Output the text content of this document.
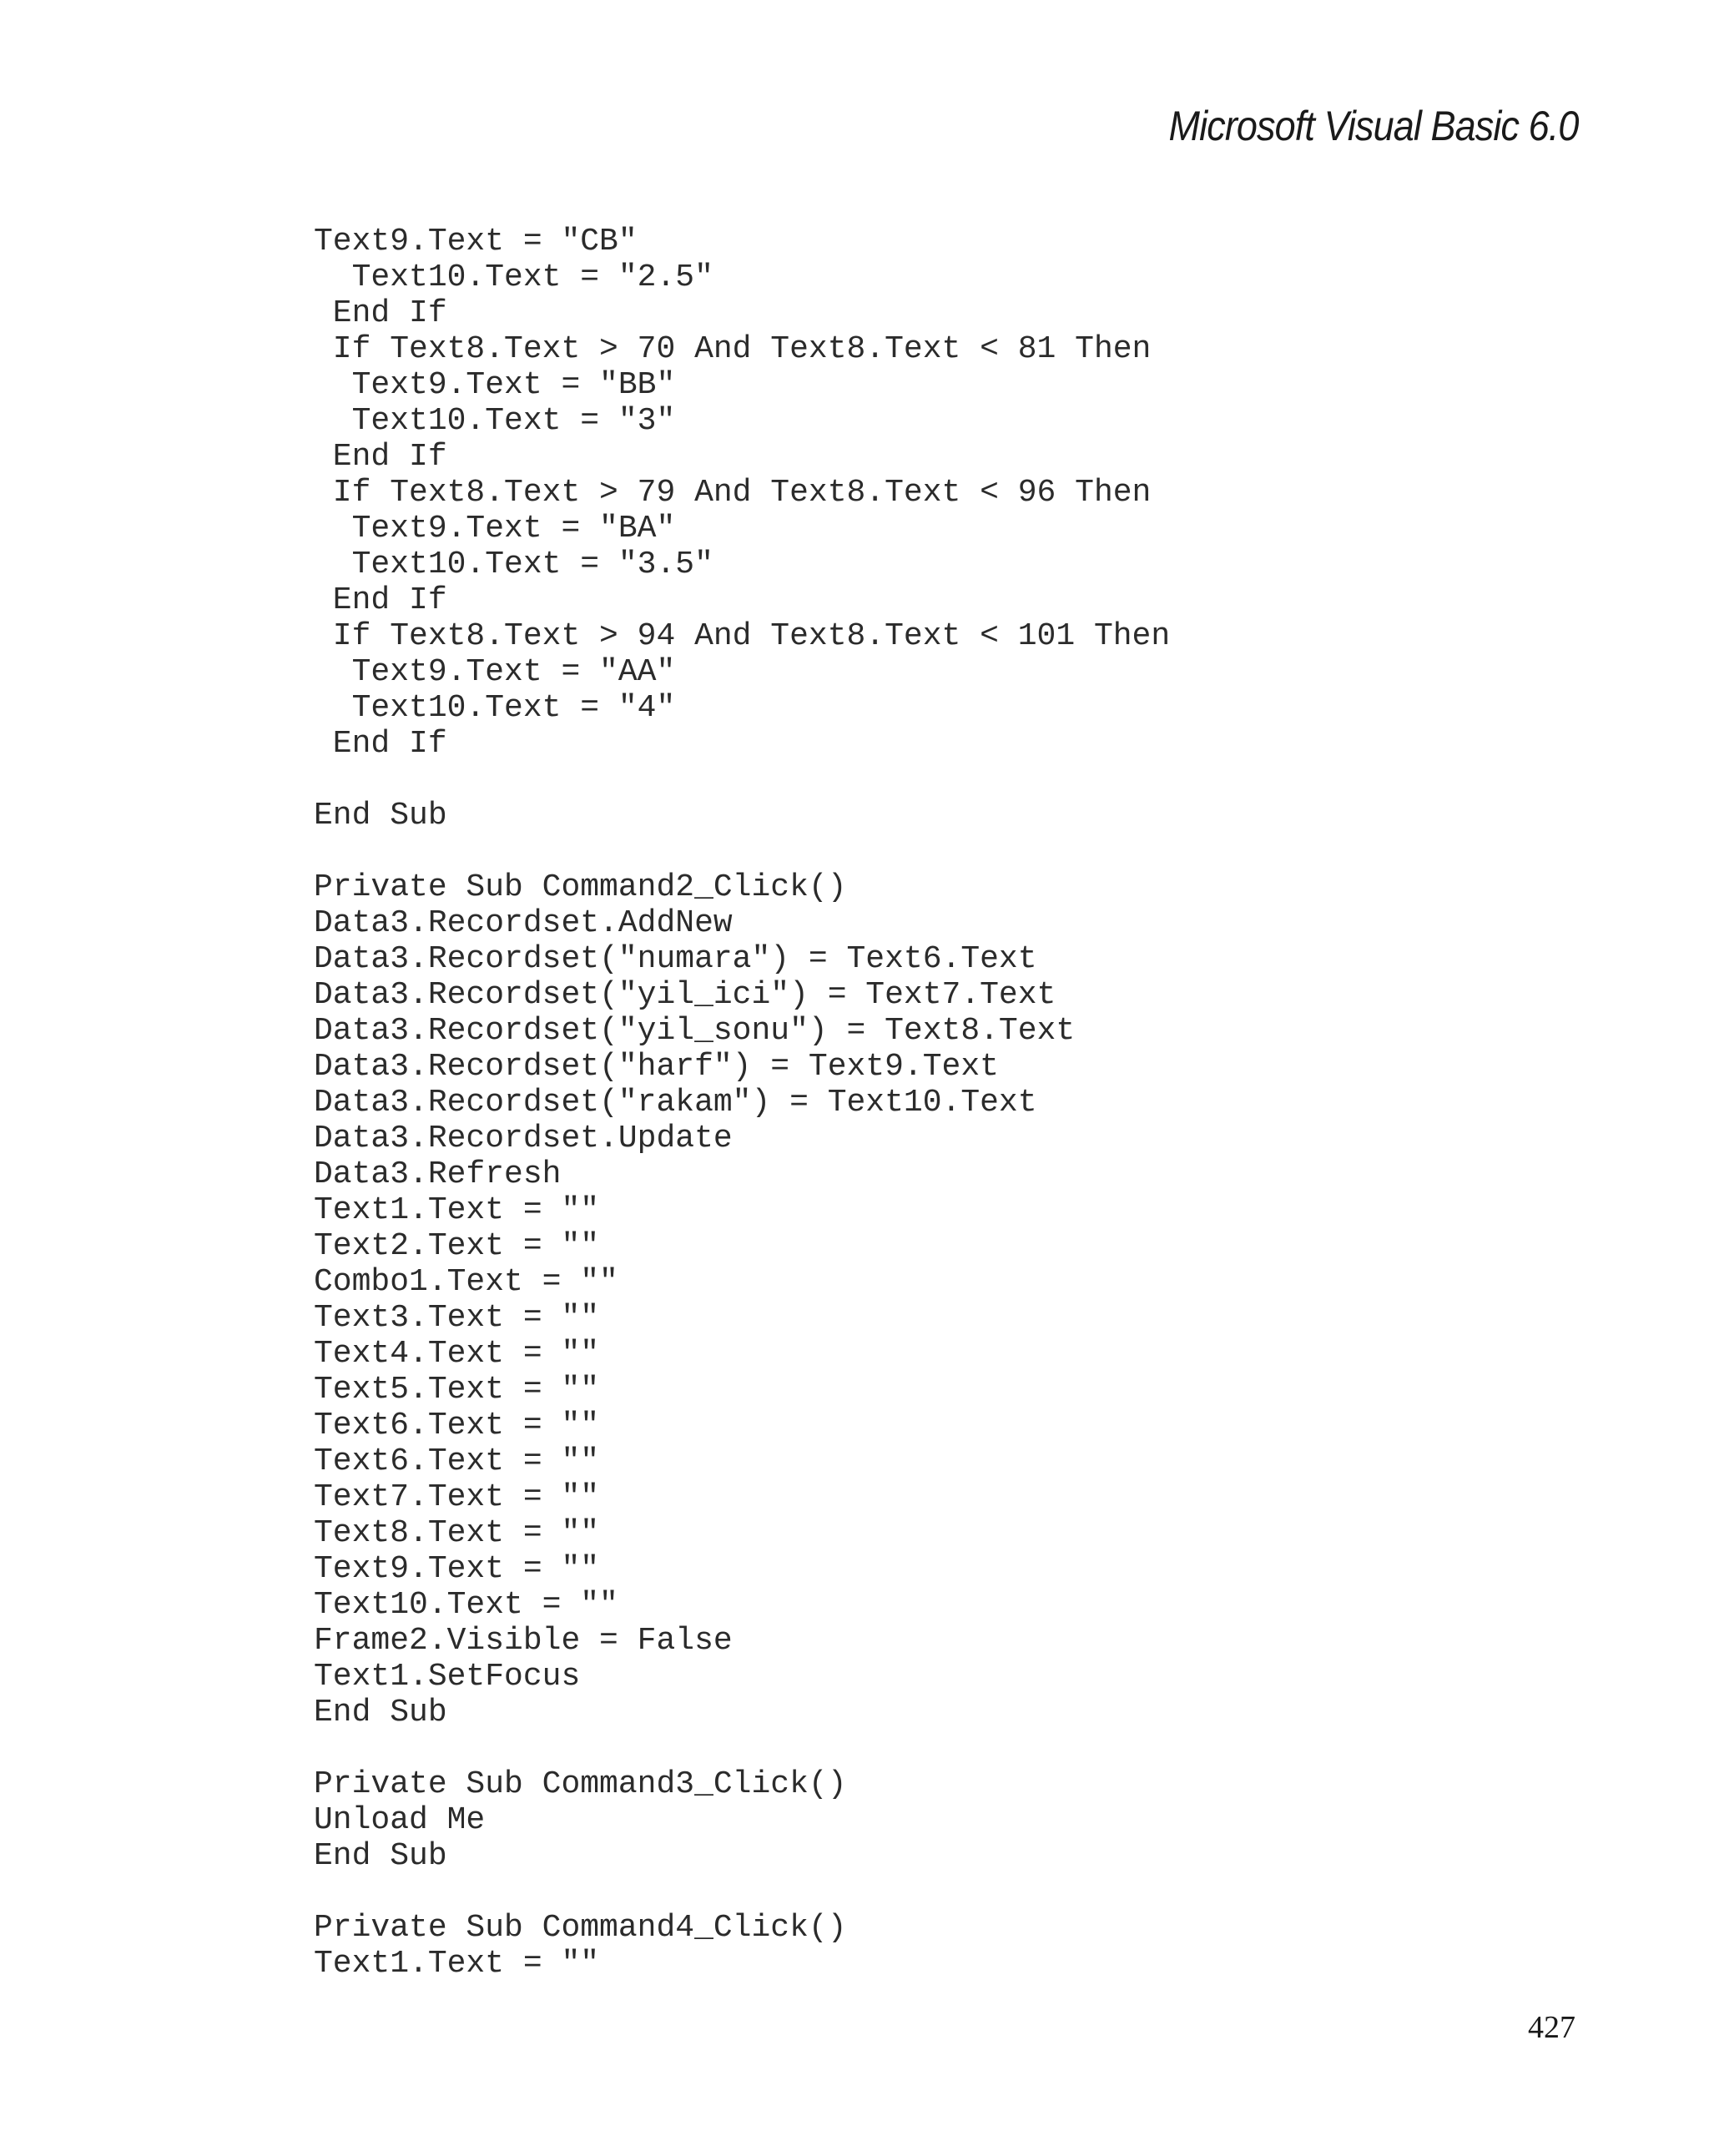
Microsoft Visual Basic 6.0
Text9.Text = "CB"
Text10.Text = "2.5"
End If
If Text8.Text > 70 And Text8.Text < 81 Then
Text9.Text = "BB"
Text10.Text = "3"
End If
If Text8.Text > 79 And Text8.Text < 96 Then
Text9.Text = "BA"
Text10.Text = "3.5"
End If
If Text8.Text > 94 And Text8.Text < 101 Then
Text9.Text = "AA"
Text10.Text = "4"
End If
End Sub
Private Sub Command2_Click()
Data3.Recordset.AddNew
Data3.Recordset("numara") = Text6.Text
Data3.Recordset("yil_ici") = Text7.Text
Data3.Recordset("yil_sonu") = Text8.Text
Data3.Recordset("harf") = Text9.Text
Data3.Recordset("rakam") = Text10.Text
Data3.Recordset.Update
Data3.Refresh
Text1.Text = ""
Text2.Text = ""
Combo1.Text = ""
Text3.Text = ""
Text4.Text = ""
Text5.Text = ""
Text6.Text = ""
Text6.Text = ""
Text7.Text = ""
Text8.Text = ""
Text9.Text = ""
Text10.Text = ""
Frame2.Visible = False
Text1.SetFocus
End Sub
Private Sub Command3_Click()
Unload Me
End Sub
Private Sub Command4_Click()
Text1.Text = ""
427
